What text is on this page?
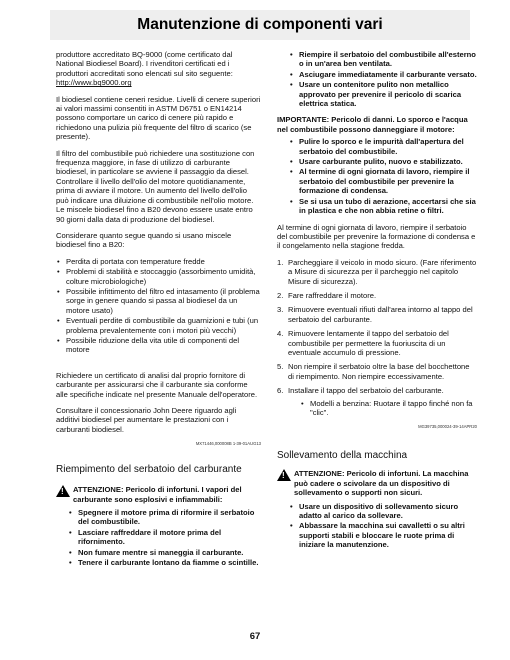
Manutenzione di componenti vari

produttore accreditato BQ-9000 (come certificato dal National Biodiesel Board). I rivenditori certificati ed i produttori accreditati sono elencati sul sito seguente: http://www.bq9000.org

Il biodiesel contiene ceneri residue. Livelli di cenere superiori ai valori massimi consentiti in ASTM D6751 o EN14214 possono comportare un carico di cenere più rapido e richiedono una pulizia più frequente del filtro di scarico (se presente).

Il filtro del combustibile può richiedere una sostituzione con frequenza maggiore, in fase di utilizzo di carburante biodiesel, in particolare se avviene il passaggio da diesel. Controllare il livello dell'olio del motore quotidianamente, prima di avviare il motore. Un aumento del livello dell'olio può indicare una diluizione di combustibile nell'olio motore. Le miscele biodiesel fino a B20 devono essere usate entro 90 giorni dalla data di produzione del biodiesel.

Considerare quanto segue quando si usano miscele biodiesel fino a B20:

• Perdita di portata con temperature fredde
• Problemi di stabilità e stoccaggio (assorbimento umidità, colture microbiologiche)
• Possibile infittimento del filtro ed intasamento (il problema sorge in genere quando si passa al biodiesel da un motore usato)
• Eventuali perdite di combustibile da guarnizioni e tubi (un problema prevalentemente con i motori più vecchi)
• Possibile riduzione della vita utile di componenti del motore

Richiedere un certificato di analisi dal proprio fornitore di carburante per assicurarsi che il carburante sia conforme alle specifiche indicate nel presente Manuale dell'operatore.

Consultare il concessionario John Deere riguardo agli additivi biodiesel per aumentare le prestazioni con i carburanti biodiesel.

MX71446,000008B 1-39-01AUG13
Riempimento del serbatoio del carburante
! ATTENZIONE: Pericolo di infortuni. I vapori del carburante sono esplosivi e infiammabili:
• Spegnere il motore prima di riformire il serbatoio del combustibile.
• Lasciare raffreddare il motore prima del rifornimento.
• Non fumare mentre si maneggia il carburante.
• Tenere il carburante lontano da fiamme o scintille.
• Riempire il serbatoio del combustibile all'esterno o in un'area ben ventilata.
• Asciugare immediatamente il carburante versato.
• Usare un contenitore pulito non metallico approvato per prevenire il pericolo di scarica elettrica statica.

IMPORTANTE: Pericolo di danni. Lo sporco e l'acqua nel combustibile possono danneggiare il motore:

• Pulire lo sporco e le impurità dall'apertura del serbatoio del combustibile.
• Usare carburante pulito, nuovo e stabilizzato.
• Al termine di ogni giornata di lavoro, riempire il serbatoio del combustibile per prevenire la formazione di condensa.
• Se si usa un tubo di aerazione, accertarsi che sia in plastica e che non abbia retine o filtri.

Al termine di ogni giornata di lavoro, riempire il serbatoio del combustibile per prevenire la formazione di condensa e il congelamento nella stagione fredda.

1. Parcheggiare il veicolo in modo sicuro. (Fare riferimento a Misure di sicurezza per il parcheggio nel capitolo Misure di sicurezza).
2. Fare raffreddare il motore.
3. Rimuovere eventuali rifiuti dall'area intorno al tappo del serbatoio del carburante.
4. Rimuovere lentamente il tappo del serbatoio del combustibile per permettere la fuoriuscita di un eventuale accumulo di pressione.
5. Non riempire il serbatoio oltre la base del bocchettone di riempimento. Non riempire eccessivamente.
6. Installare il tappo del serbatoio del carburante.
• Modelli a benzina: Ruotare il tappo finché non fa "clic".
MG39735,000024-39-14APR20
Sollevamento della macchina
! ATTENZIONE: Pericolo di infortuni. La macchina può cadere o scivolare da un dispositivo di sollevamento o supporti non sicuri.
• Usare un dispositivo di sollevamento sicuro adatto al carico da sollevare.
• Abbassare la macchina sui cavalletti o su altri supporti stabili e bloccare le ruote prima di iniziare la manutenzione.
67
